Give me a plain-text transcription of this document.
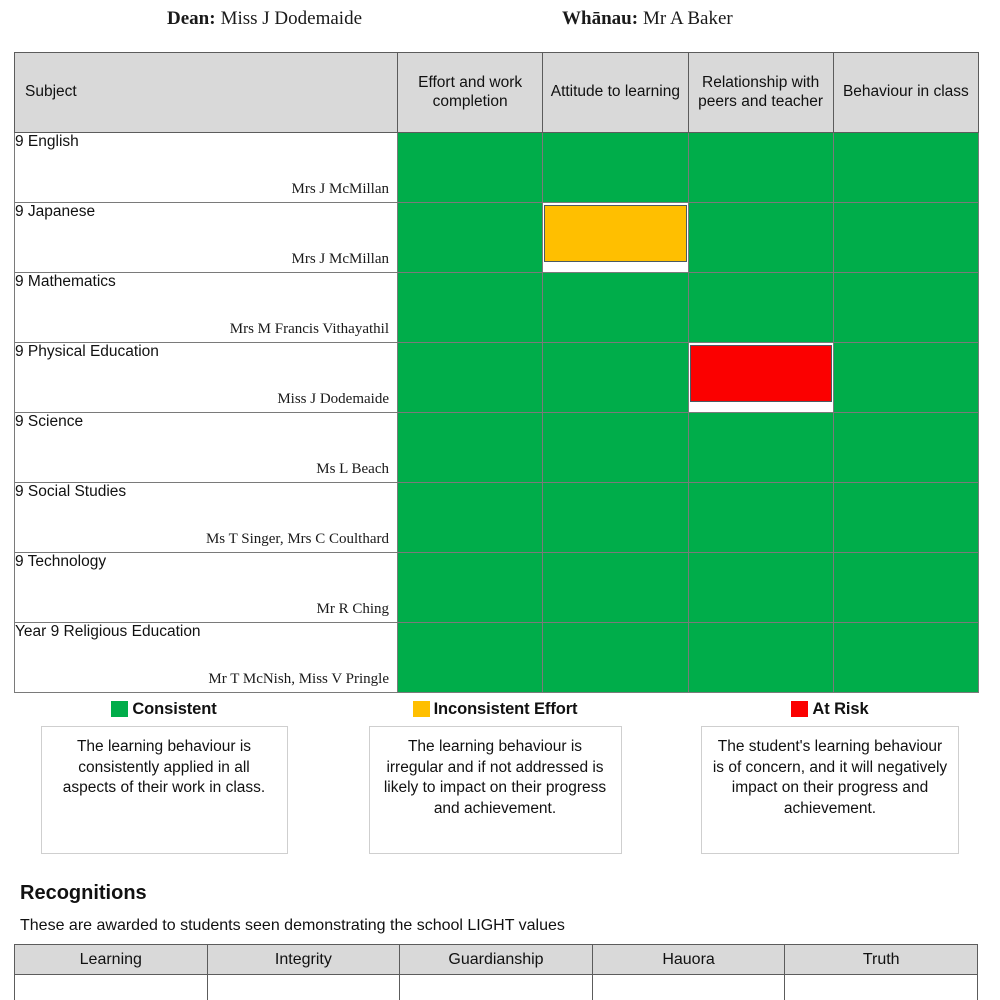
Dean: Miss J Dodemaide	Whānau: Mr A Baker
Subject	Effort and work completion	Attitude to learning	Relationship with peers and teacher	Behaviour in class

9 English
Mrs J McMillan				

9 Japanese
Mrs J McMillan				

9 Mathematics
Mrs M Francis Vithayathil				

9 Physical Education
Miss J Dodemaide				

9 Science
Ms L Beach				

9 Social Studies
Ms T Singer, Mrs C Coulthard				

9 Technology
Mr R Ching				

Year 9 Religious Education
Mr T McNish, Miss V Pringle				

Consistent
The learning behaviour is consistently applied in all aspects of their work in class.
Inconsistent Effort
The learning behaviour is irregular and if not addressed is likely to impact on their progress and achievement.
At Risk
The student's learning behaviour is of concern, and it will negatively impact on their progress and achievement.
Recognitions
These are awarded to students seen demonstrating the school LIGHT values
Learning	Integrity	Guardianship	Hauora	Truth
